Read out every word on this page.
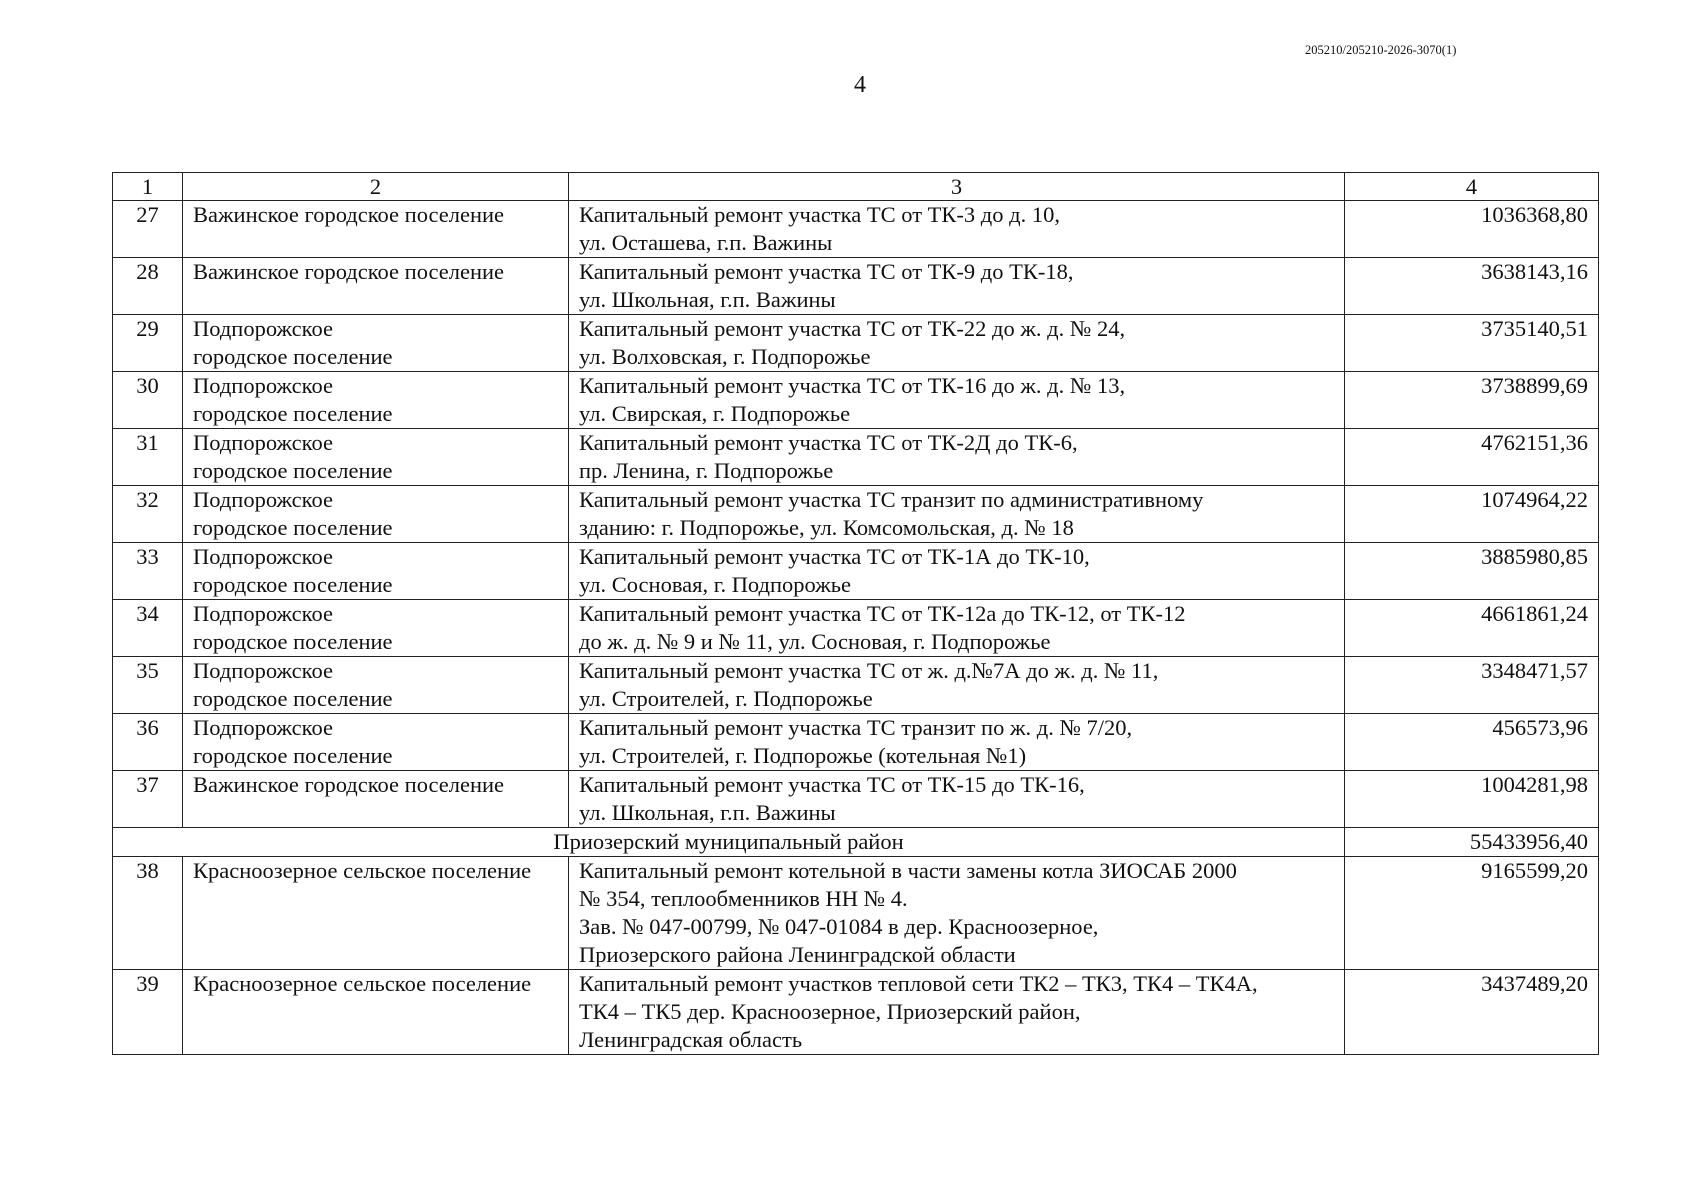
205210/205210-2026-3070(1)
4
1	2	3	4
27	Важинское городское поселение	Капитальный ремонт участка ТС от ТК-3 до д. 10,
ул. Осташева, г.п. Важины	1036368,80
28	Важинское городское поселение	Капитальный ремонт участка ТС от ТК-9 до ТК-18,
ул. Школьная, г.п. Важины	3638143,16
29	Подпорожское
городское поселение	Капитальный ремонт участка ТС от ТК-22 до ж. д. № 24,
ул. Волховская, г. Подпорожье	3735140,51
30	Подпорожское
городское поселение	Капитальный ремонт участка ТС от ТК-16 до ж. д. № 13,
ул. Свирская, г. Подпорожье	3738899,69
31	Подпорожское
городское поселение	Капитальный ремонт участка ТС от ТК-2Д до ТК-6,
пр. Ленина, г. Подпорожье	4762151,36
32	Подпорожское
городское поселение	Капитальный ремонт участка ТС транзит по административному
зданию: г. Подпорожье, ул. Комсомольская, д. № 18	1074964,22
33	Подпорожское
городское поселение	Капитальный ремонт участка ТС от ТК-1А до ТК-10,
ул. Сосновая, г. Подпорожье	3885980,85
34	Подпорожское
городское поселение	Капитальный ремонт участка ТС от ТК-12а до ТК-12, от ТК-12
до ж. д. № 9 и № 11, ул. Сосновая, г. Подпорожье	4661861,24
35	Подпорожское
городское поселение	Капитальный ремонт участка ТС от ж. д.№7А до ж. д. № 11,
ул. Строителей, г. Подпорожье	3348471,57
36	Подпорожское
городское поселение	Капитальный ремонт участка ТС транзит по ж. д. № 7/20,
ул. Строителей, г. Подпорожье (котельная №1)	456573,96
37	Важинское городское поселение	Капитальный ремонт участка ТС от ТК-15 до ТК-16,
ул. Школьная, г.п. Важины	1004281,98
Приозерский муниципальный район			55433956,40
38	Красноозерное сельское поселение	Капитальный ремонт котельной в части замены котла ЗИОСАБ 2000
№ 354, теплообменников НН № 4.
Зав. № 047-00799, № 047-01084 в дер. Красноозерное,
Приозерского района Ленинградской области	9165599,20
39	Красноозерное сельское поселение	Капитальный ремонт участков тепловой сети ТК2 – ТК3, ТК4 – ТК4А,
ТК4 – ТК5 дер. Красноозерное, Приозерский район,
Ленинградская область	3437489,20
